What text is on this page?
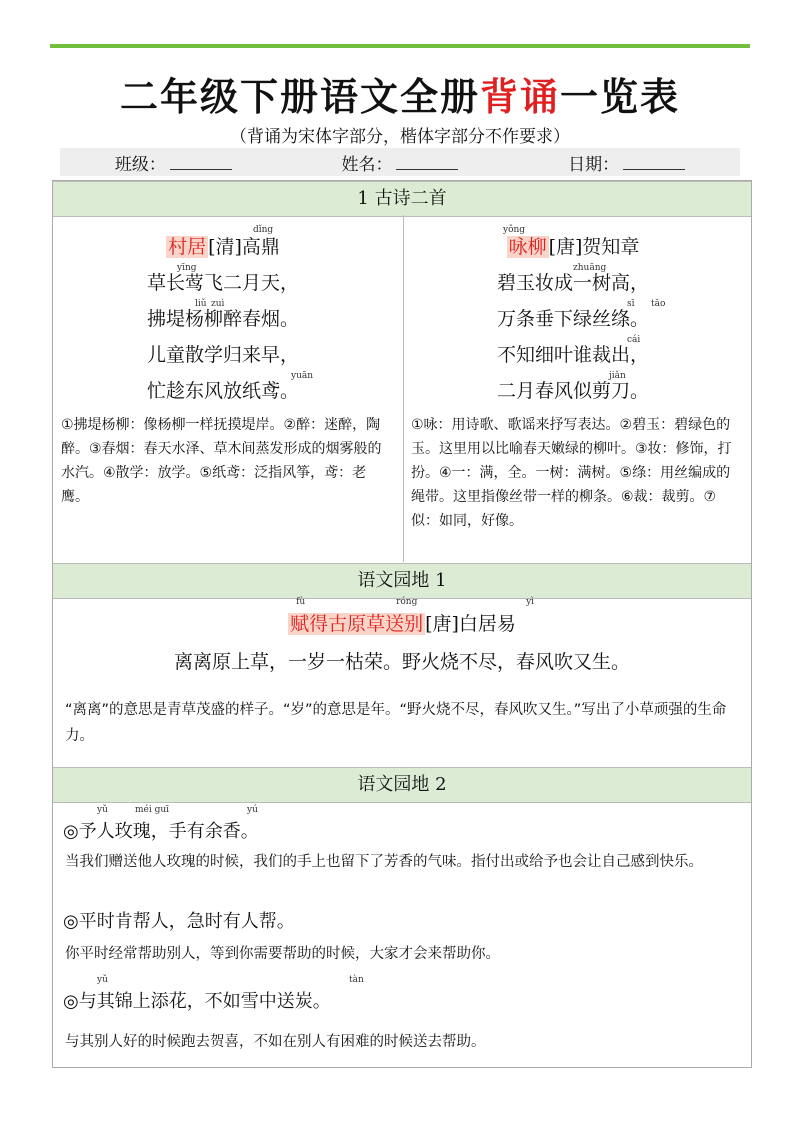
二年级下册语文全册背诵一览表
（背诵为宋体字部分，楷体字部分不作要求）
班级：	姓名：	日期：
1 古诗二首
dǐng
村居 [清]高鼎
yīng
草长莺飞二月天，
liǔ zuì
拂堤杨柳醉春烟。
儿童散学归来早，
yuān
忙趁东风放纸鸢。
①拂堤杨柳：像杨柳一样抚摸堤岸。②醉：迷醉，陶醉。③春烟：春天水泽、草木间蒸发形成的烟雾般的水汽。④散学：放学。⑤纸鸢：泛指风筝，鸢：老鹰。
yǒng
咏柳 [唐]贺知章
zhuāng
碧玉妆成一树高，
sī tāo
万条垂下绿丝绦。
cái
不知细叶谁裁出，
jiǎn
二月春风似剪刀。
①咏：用诗歌、歌谣来抒写表达。②碧玉：碧绿色的玉。这里用以比喻春天嫩绿的柳叶。③妆：修饰，打扮。④一：满，全。一树：满树。⑤绦：用丝编成的绳带。这里指像丝带一样的柳条。⑥裁：裁剪。⑦似：如同，好像。
语文园地 1
fù	róng	yì
赋得古原草送别 [唐]白居易
离离原上草，一岁一枯荣。野火烧不尽，春风吹又生。
“离离”的意思是青草茂盛的样子。“岁”的意思是年。“野火烧不尽，春风吹又生。”写出了小草顽强的生命力。
语文园地 2
yǔ	méi guī	yú
◎予人玫瑰，手有余香。
当我们赠送他人玫瑰的时候，我们的手上也留下了芳香的气味。指付出或给予也会让自己感到快乐。
◎平时肯帮人，急时有人帮。
你平时经常帮助别人，等到你需要帮助的时候，大家才会来帮助你。
yǔ	tàn
◎与其锦上添花，不如雪中送炭。
与其别人好的时候跑去贺喜，不如在别人有困难的时候送去帮助。
